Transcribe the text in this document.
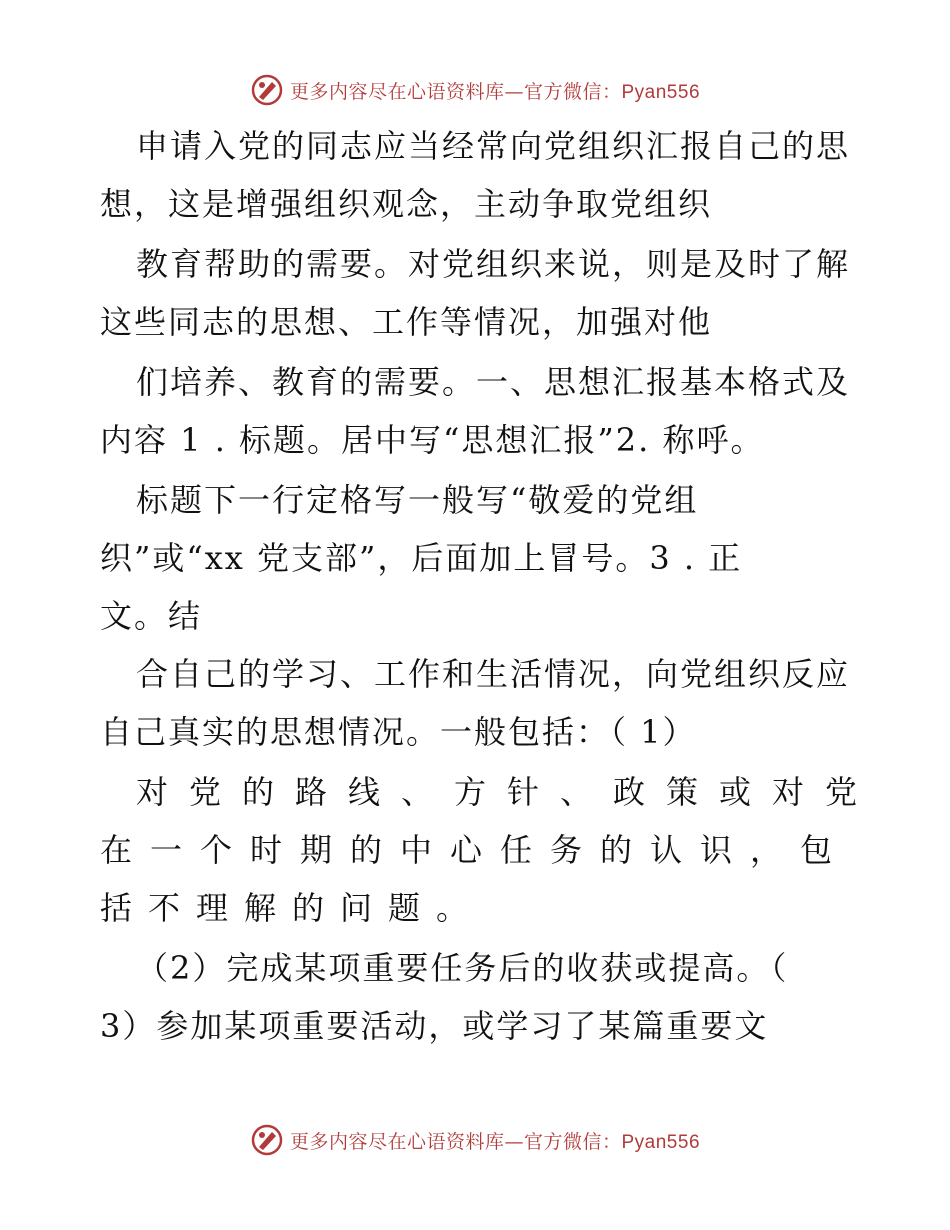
更多内容尽在心语资料库—官方微信：Pyan556
申请入党的同志应当经常向党组织汇报自己的思
想，这是增强组织观念，主动争取党组织
教育帮助的需要。对党组织来说，则是及时了解
这些同志的思想、工作等情况，加强对他
们培养、教育的需要。一、思想汇报基本格式及
内容 1 . 标题。居中写“思想汇报”2. 称呼。
标题下一行定格写一般写“敬爱的党组
织”或“xx 党支部”，后面加上冒号。3 . 正
文。结
合自己的学习、工作和生活情况，向党组织反应
自己真实的思想情况。一般包括：（ 1）
对党的路线、方针、政策或对党
在一个时期的中心任务的认识，包
括不理解的问题。
（2）完成某项重要任务后的收获或提高。（
3）参加某项重要活动，或学习了某篇重要文
更多内容尽在心语资料库—官方微信：Pyan556
